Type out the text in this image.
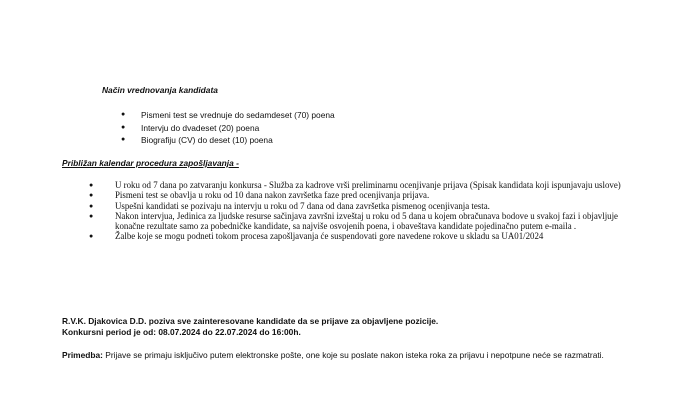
Način vrednovanja kandidata
● Pismeni test se vrednuje do sedamdeset (70) poena
● Intervju do dvadeset (20) poena
● Biografiju (CV) do deset (10) poena
Približan kalendar procedura zapošljavanja -
● U roku od 7 dana po zatvaranju konkursa - Služba za kadrove vrši preliminarnu ocenjivanje prijava (Spisak kandidata koji ispunjavaju uslove)
● Pismeni test se obavlja u roku od 10 dana nakon završetka faze pred ocenjivanja prijava.
● Uspešni kandidati se pozivaju na intervju u roku od 7 dana od dana završetka pismenog ocenjivanja testa.
● Nakon intervjua, Jedinica za ljudske resurse sačinjava završni izveštaj u roku od 5 dana u kojem obračunava bodove u svakoj fazi i objavljuje konačne rezultate samo za pobedničke kandidate, sa najviše osvojenih poena, i obaveštava kandidate pojedinačno putem e-maila .
● Žalbe koje se mogu podneti tokom procesa zapošljavanja će suspendovati gore navedene rokove u skladu sa UA01/2024
R.V.K. Djakovica D.D. poziva sve zainteresovane kandidate da se prijave za objavljene pozicije.
Konkursni period je od: 08.07.2024 do 22.07.2024 do 16:00h.
Primedba: Prijave se primaju isključivo putem elektronske pošte, one koje su poslate nakon isteka roka za prijavu i nepotpune neće se razmatrati.
